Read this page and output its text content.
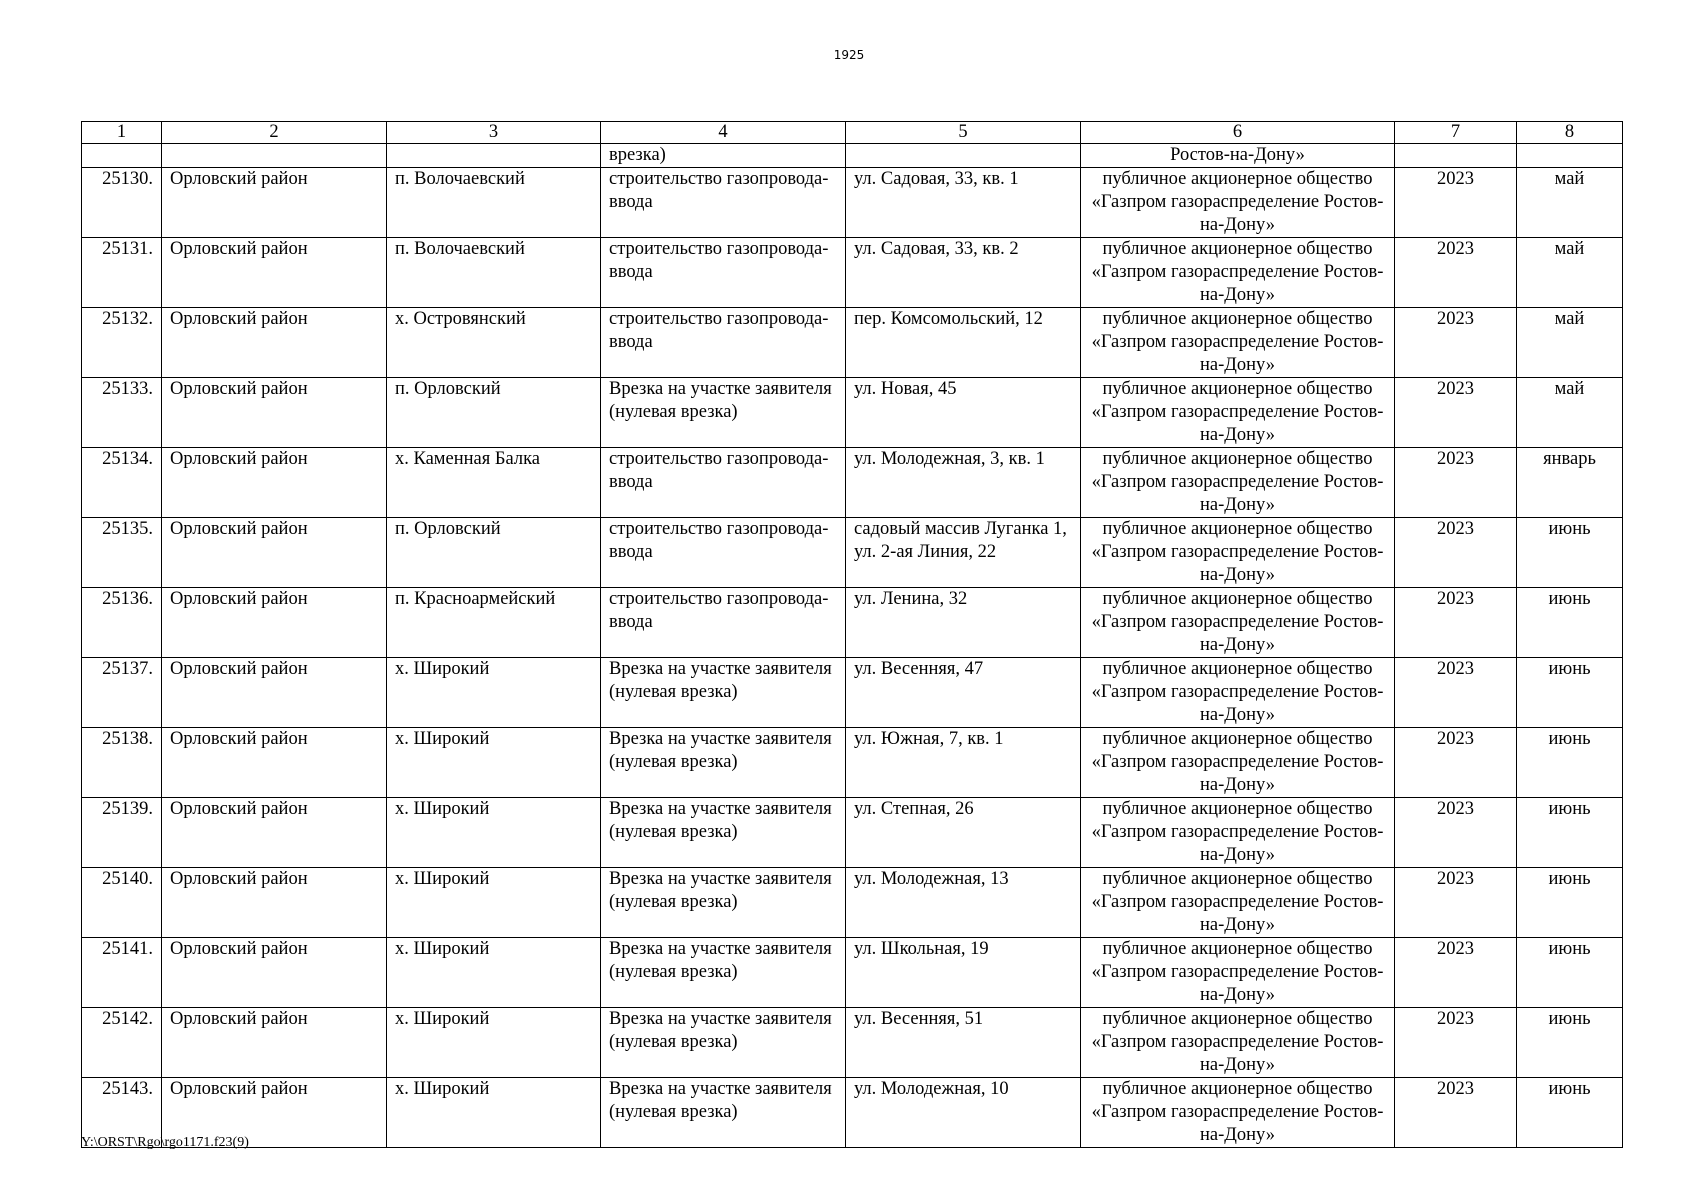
1925
1	2	3	4	5	6	7	8
			врезка)		Ростов-на-Дону»		
25130.	Орловский район	п. Волочаевский	строительство газопровода-ввода	ул. Садовая, 33, кв. 1	публичное акционерное общество «Газпром газораспределение Ростов-на-Дону»	2023	май
25131.	Орловский район	п. Волочаевский	строительство газопровода-ввода	ул. Садовая, 33, кв. 2	публичное акционерное общество «Газпром газораспределение Ростов-на-Дону»	2023	май
25132.	Орловский район	х. Островянский	строительство газопровода-ввода	пер. Комсомольский, 12	публичное акционерное общество «Газпром газораспределение Ростов-на-Дону»	2023	май
25133.	Орловский район	п. Орловский	Врезка на участке заявителя (нулевая врезка)	ул. Новая, 45	публичное акционерное общество «Газпром газораспределение Ростов-на-Дону»	2023	май
25134.	Орловский район	х. Каменная Балка	строительство газопровода-ввода	ул. Молодежная, 3, кв. 1	публичное акционерное общество «Газпром газораспределение Ростов-на-Дону»	2023	январь
25135.	Орловский район	п. Орловский	строительство газопровода-ввода	садовый массив Луганка 1, ул. 2-ая Линия, 22	публичное акционерное общество «Газпром газораспределение Ростов-на-Дону»	2023	июнь
25136.	Орловский район	п. Красноармейский	строительство газопровода-ввода	ул. Ленина, 32	публичное акционерное общество «Газпром газораспределение Ростов-на-Дону»	2023	июнь
25137.	Орловский район	х. Широкий	Врезка на участке заявителя (нулевая врезка)	ул. Весенняя, 47	публичное акционерное общество «Газпром газораспределение Ростов-на-Дону»	2023	июнь
25138.	Орловский район	х. Широкий	Врезка на участке заявителя (нулевая врезка)	ул. Южная, 7, кв. 1	публичное акционерное общество «Газпром газораспределение Ростов-на-Дону»	2023	июнь
25139.	Орловский район	х. Широкий	Врезка на участке заявителя (нулевая врезка)	ул. Степная, 26	публичное акционерное общество «Газпром газораспределение Ростов-на-Дону»	2023	июнь
25140.	Орловский район	х. Широкий	Врезка на участке заявителя (нулевая врезка)	ул. Молодежная, 13	публичное акционерное общество «Газпром газораспределение Ростов-на-Дону»	2023	июнь
25141.	Орловский район	х. Широкий	Врезка на участке заявителя (нулевая врезка)	ул. Школьная, 19	публичное акционерное общество «Газпром газораспределение Ростов-на-Дону»	2023	июнь
25142.	Орловский район	х. Широкий	Врезка на участке заявителя (нулевая врезка)	ул. Весенняя, 51	публичное акционерное общество «Газпром газораспределение Ростов-на-Дону»	2023	июнь
25143.	Орловский район	х. Широкий	Врезка на участке заявителя (нулевая врезка)	ул. Молодежная, 10	публичное акционерное общество «Газпром газораспределение Ростов-на-Дону»	2023	июнь
Y:\ORST\Rgo\rgo1171.f23(9)
